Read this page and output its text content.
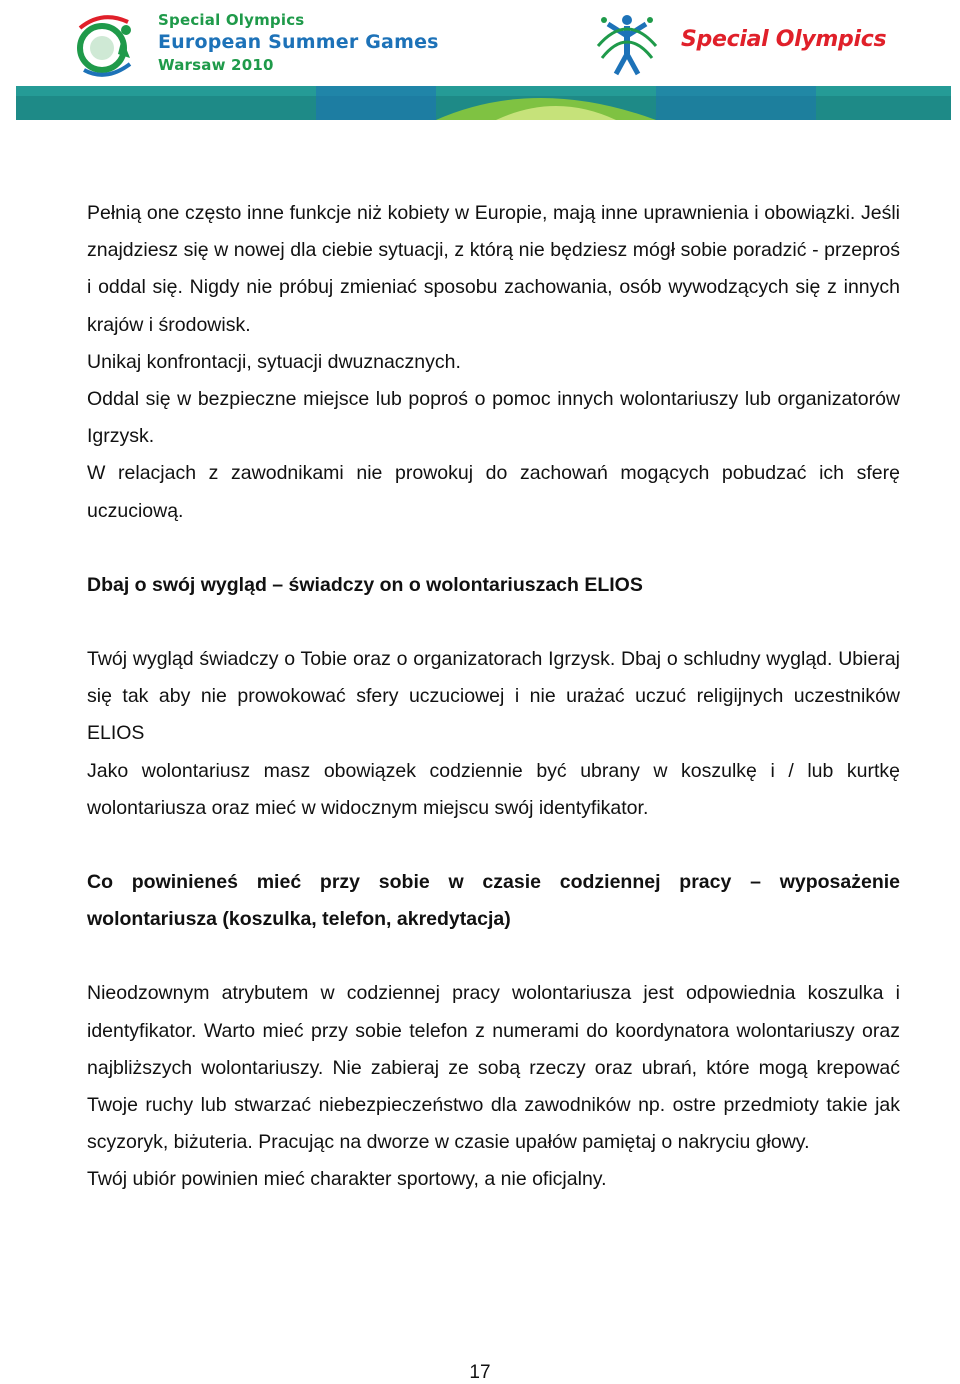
Special Olympics
European Summer Games
Warsaw 2010
Special Olympics

Pełnią one często inne funkcje niż kobiety w Europie, mają inne uprawnienia i obowiązki. Jeśli znajdziesz się w nowej dla ciebie sytuacji, z którą nie będziesz mógł sobie poradzić - przeproś i oddal się. Nigdy nie próbuj zmieniać sposobu zachowania, osób wywodzących się z innych krajów i środowisk.

Unikaj konfrontacji, sytuacji dwuznacznych.

Oddal się w bezpieczne miejsce lub poproś o pomoc innych wolontariuszy lub organizatorów Igrzysk.

W relacjach z zawodnikami nie prowokuj do zachowań mogących pobudzać ich sferę uczuciową.

Dbaj o swój wygląd – świadczy on o wolontariuszach ELIOS

Twój wygląd świadczy o Tobie oraz o organizatorach Igrzysk. Dbaj o schludny wygląd. Ubieraj się tak aby nie prowokować sfery uczuciowej i nie urażać uczuć religijnych uczestników ELIOS

Jako wolontariusz masz obowiązek codziennie być ubrany w koszulkę i / lub kurtkę wolontariusza oraz mieć w widocznym miejscu swój identyfikator.

Co powinieneś mieć przy sobie w czasie codziennej pracy – wyposażenie wolontariusza (koszulka, telefon, akredytacja)

Nieodzownym atrybutem w codziennej pracy wolontariusza jest odpowiednia koszulka i identyfikator. Warto mieć przy sobie telefon z numerami do koordynatora wolontariuszy oraz najbliższych wolontariuszy. Nie zabieraj ze sobą rzeczy oraz ubrań, które mogą krepować Twoje ruchy lub stwarzać niebezpieczeństwo dla zawodników np. ostre przedmioty takie jak scyzoryk, biżuteria. Pracując na dworze w czasie upałów pamiętaj o nakryciu głowy.

Twój ubiór powinien mieć charakter sportowy, a nie oficjalny.

17
